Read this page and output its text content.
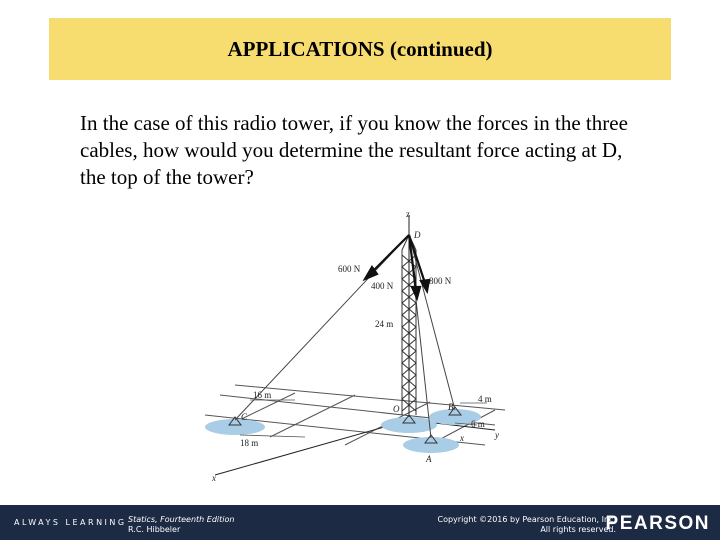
APPLICATIONS (continued)
In the case of this radio tower, if you know the forces in the three cables, how would you determine the resultant force acting at D, the top of the tower?
z
D
600 N
400 N	800 N
24 m
16 m
C
18 m
O	B
4 m
6 m
y
x
A
x
ALWAYS LEARNING Statics, Fourteenth Edition
R.C. Hibbeler
Copyright ©2016 by Pearson Education, Inc.
All rights reserved.
PEARSON
